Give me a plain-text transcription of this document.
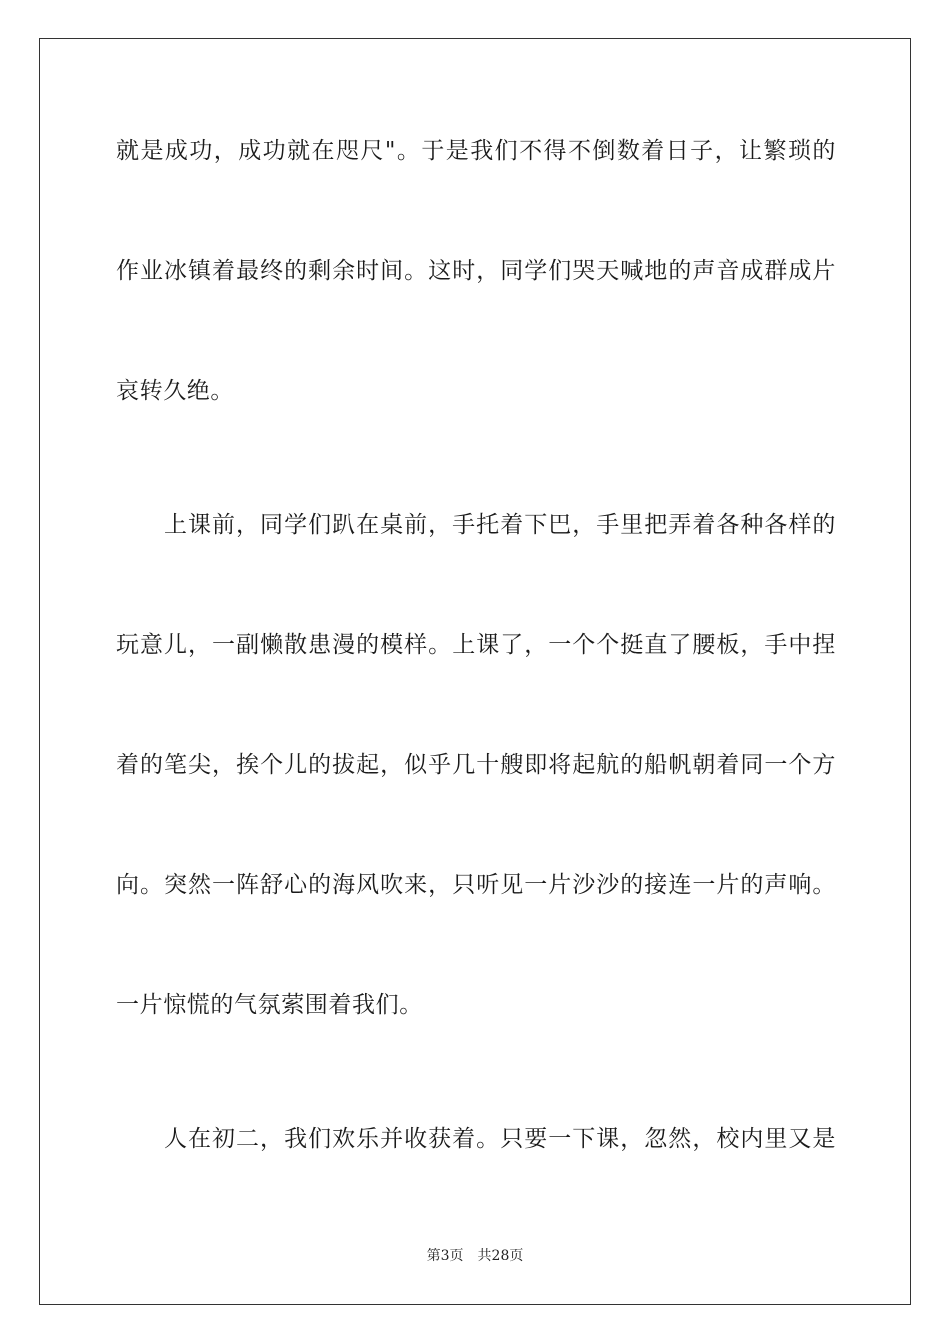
就是成功，成功就在咫尺"。于是我们不得不倒数着日子，让繁琐的
作业冰镇着最终的剩余时间。这时，同学们哭天喊地的声音成群成片
哀转久绝。
上课前，同学们趴在桌前，手托着下巴，手里把弄着各种各样的
玩意儿，一副懒散患漫的模样。上课了，一个个挺直了腰板，手中捏
着的笔尖，挨个儿的拔起，似乎几十艘即将起航的船帆朝着同一个方
向。突然一阵舒心的海风吹来，只听见一片沙沙的接连一片的声响。
一片惊慌的气氛萦围着我们。
人在初二，我们欢乐并收获着。只要一下课，忽然，校内里又是
第3页 共28页
